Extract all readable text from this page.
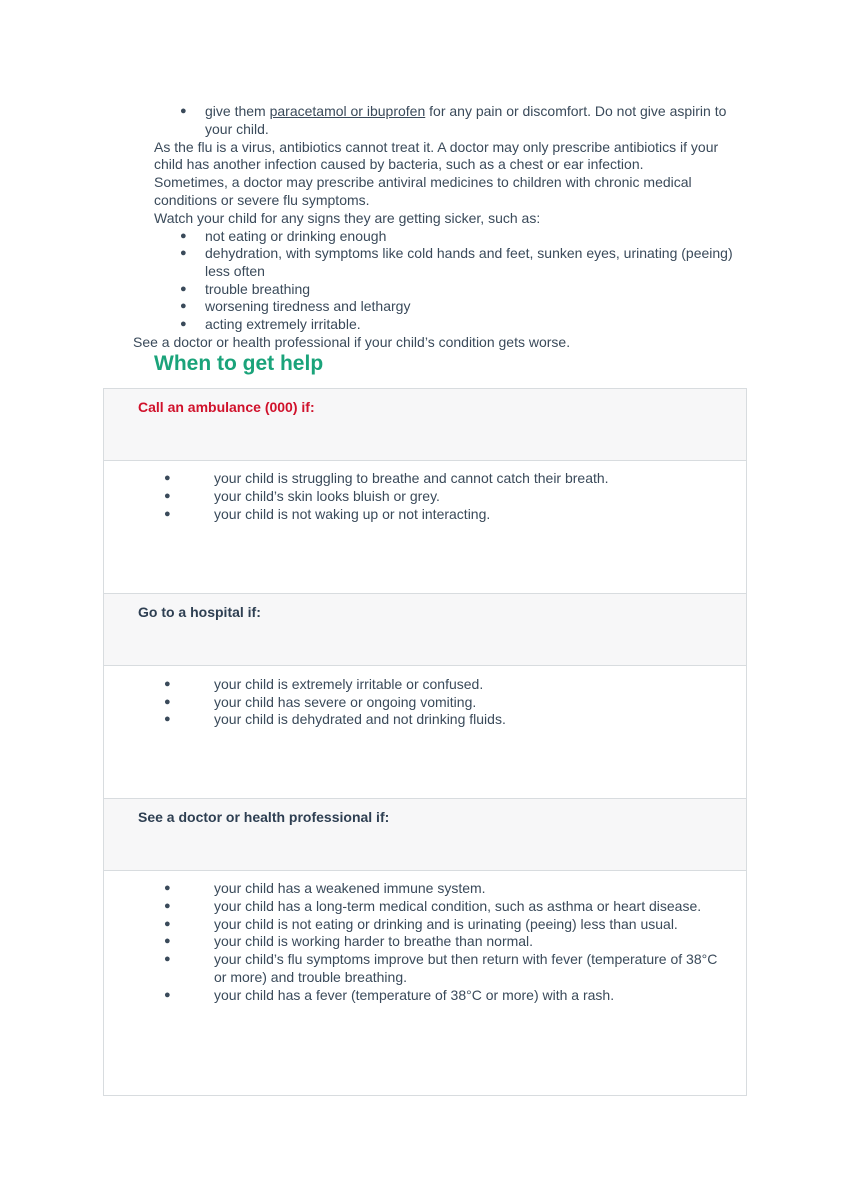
● give them paracetamol or ibuprofen for any pain or discomfort. Do not give aspirin to
your child.
As the flu is a virus, antibiotics cannot treat it. A doctor may only prescribe antibiotics if your
child has another infection caused by bacteria, such as a chest or ear infection.
Sometimes, a doctor may prescribe antiviral medicines to children with chronic medical
conditions or severe flu symptoms.
Watch your child for any signs they are getting sicker, such as:
● not eating or drinking enough
● dehydration, with symptoms like cold hands and feet, sunken eyes, urinating (peeing)
less often
● trouble breathing
● worsening tiredness and lethargy
● acting extremely irritable.
See a doctor or health professional if your child’s condition gets worse.
When to get help
Call an ambulance (000) if:
●	your child is struggling to breathe and cannot catch their breath.
●	your child’s skin looks bluish or grey.
●	your child is not waking up or not interacting.
Go to a hospital if:
●	your child is extremely irritable or confused.
●	your child has severe or ongoing vomiting.
●	your child is dehydrated and not drinking fluids.
See a doctor or health professional if:
●	your child has a weakened immune system.
●	your child has a long-term medical condition, such as asthma or heart disease.
●	your child is not eating or drinking and is urinating (peeing) less than usual.
●	your child is working harder to breathe than normal.
●	your child’s flu symptoms improve but then return with fever (temperature of 38°C
or more) and trouble breathing.
●	your child has a fever (temperature of 38°C or more) with a rash.
